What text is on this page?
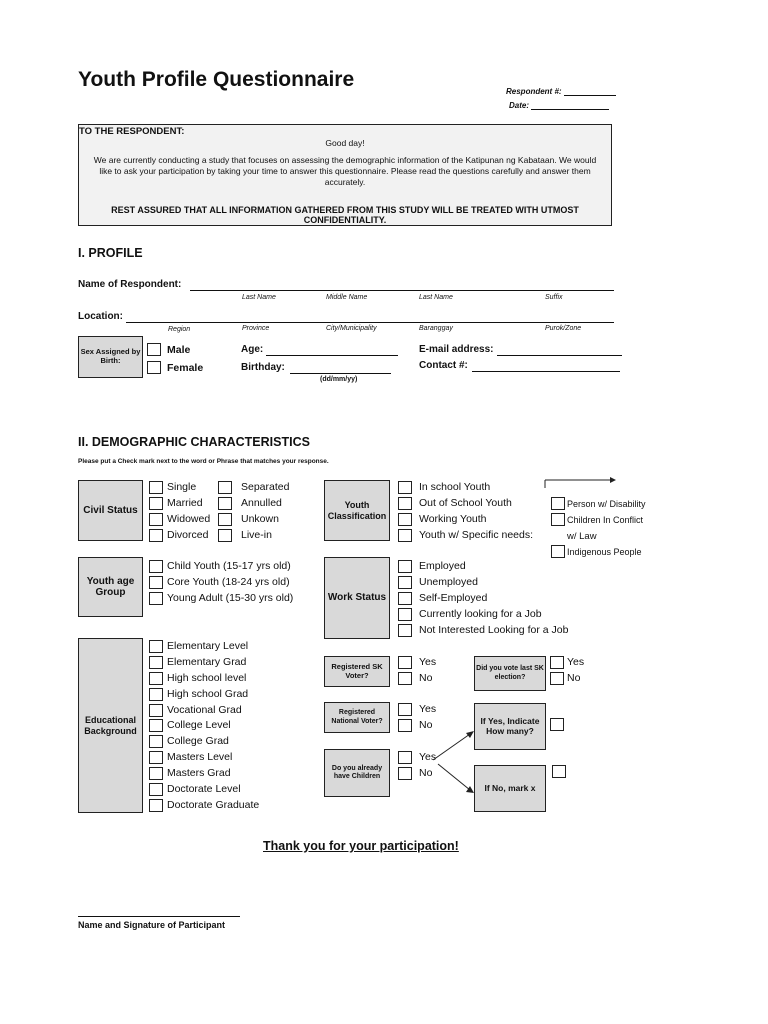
Youth Profile Questionnaire
Respondent #:
Date:
TO THE RESPONDENT:
Good day!
We are currently conducting a study that focuses on assessing the demographic information of the Katipunan ng Kabataan. We would like to ask your participation by taking your time to answer this questionnaire. Please read the questions carefully and answer them accurately.
REST ASSURED THAT ALL INFORMATION GATHERED FROM THIS STUDY WILL BE TREATED WITH UTMOST CONFIDENTIALITY.
I. PROFILE
Name of Respondent:
Last Name	Middle Name	Last Name	Suffix
Location:
Region	Province	City/Municipality	Baranggay	Purok/Zone
Sex Assigned by Birth:
Male
Female
Age:
Birthday:
(dd/mm/yy)
E-mail address:
Contact #:
II. DEMOGRAPHIC CHARACTERISTICS
Please put a Check mark next to the word or Phrase that matches your response.
Civil Status
Single
Married
Widowed
Divorced
Separated
Annulled
Unkown
Live-in
Youth age Group
Child Youth (15-17 yrs old)
Core Youth (18-24 yrs old)
Young Adult (15-30 yrs old)
Educational Background
Elementary Level
Elementary Grad
High school level
High school Grad
Vocational Grad
College Level
College Grad
Masters Level
Masters Grad
Doctorate Level
Doctorate Graduate
Youth Classification
In school Youth
Out of School Youth
Working Youth
Youth w/ Specific needs:
Person w/ Disability
Children In Conflict
w/ Law
Indigenous People
Work Status
Employed
Unemployed
Self-Employed
Currently looking for a Job
Not Interested Looking for a Job
Registered SK Voter?
Yes
No
Did you vote last SK election?
Yes
No
Registered National Voter?
Yes
No
Do you already have Children
Yes
No
If Yes, Indicate How many?
If No, mark x
Thank you for your participation!
Name and Signature of Participant
